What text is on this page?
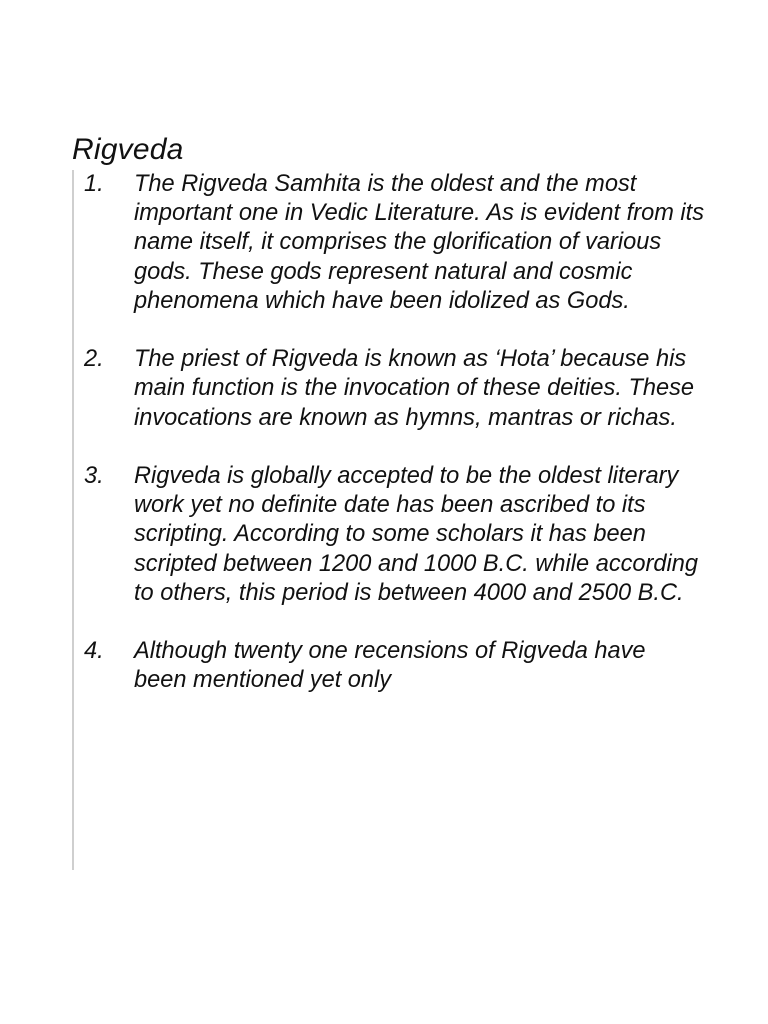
Rigveda
1.	The Rigveda Samhita is the oldest and the most important one in Vedic Literature. As is evident from its name itself, it comprises the glorification of various gods. These gods represent natural and cosmic phenomena which have been idolized as Gods.
2.	The priest of Rigveda is known as ‘Hota’ because his main function is the invocation of these deities. These invocations are known as hymns, mantras or richas.
3.	Rigveda is globally accepted to be the oldest literary work yet no definite date has been ascribed to its scripting. According to some scholars it has been scripted between 1200 and 1000 B.C. while according to others, this period is between 4000 and 2500 B.C.
4.	Although twenty one recensions of Rigveda have been mentioned yet only
